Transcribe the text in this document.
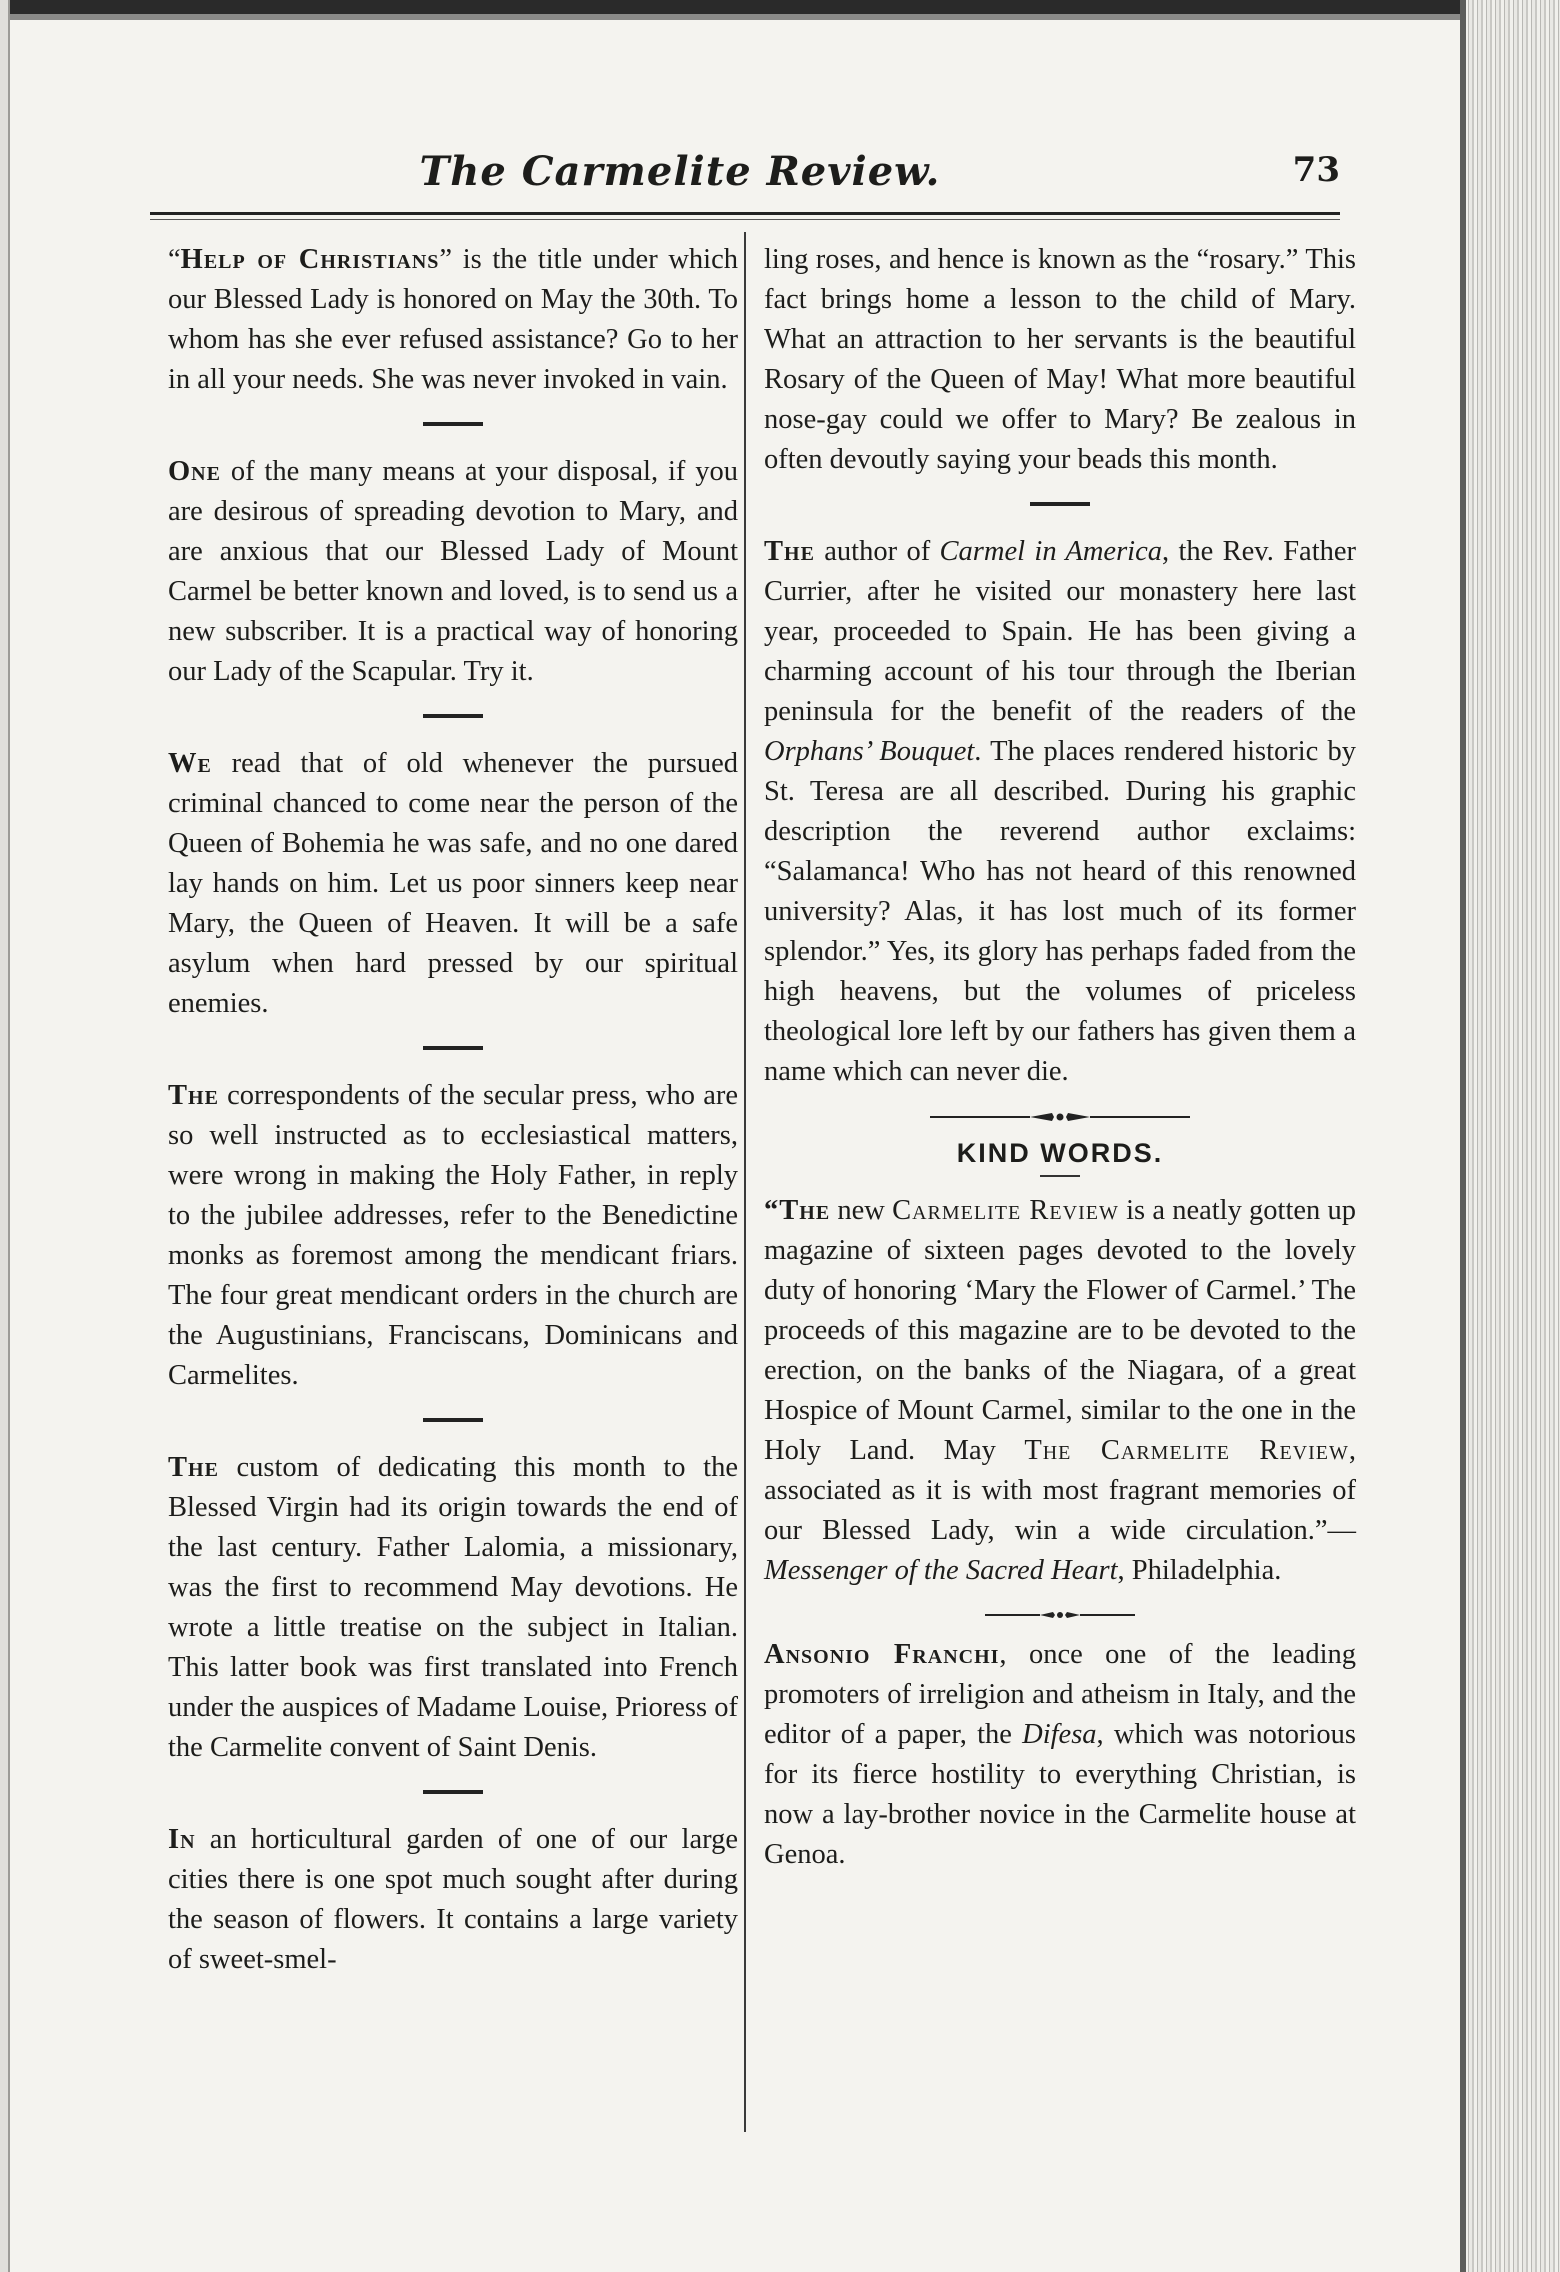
The Carmelite Review.	73

“Help of Christians” is the title under which our Blessed Lady is honored on May the 30th. To whom has she ever refused assistance? Go to her in all your needs. She was never invoked in vain.

One of the many means at your disposal, if you are desirous of spreading devotion to Mary, and are anxious that our Blessed Lady of Mount Carmel be better known and loved, is to send us a new subscriber. It is a practical way of honoring our Lady of the Scapular. Try it.

We read that of old whenever the pursued criminal chanced to come near the person of the Queen of Bohemia he was safe, and no one dared lay hands on him. Let us poor sinners keep near Mary, the Queen of Heaven. It will be a safe asylum when hard pressed by our spiritual enemies.

The correspondents of the secular press, who are so well instructed as to ecclesiastical matters, were wrong in making the Holy Father, in reply to the jubilee addresses, refer to the Benedictine monks as foremost among the mendicant friars. The four great mendicant orders in the church are the Augustinians, Franciscans, Dominicans and Carmelites.

The custom of dedicating this month to the Blessed Virgin had its origin towards the end of the last century. Father Lalomia, a missionary, was the first to recommend May devotions. He wrote a little treatise on the subject in Italian. This latter book was first translated into French under the auspices of Madame Louise, Prioress of the Carmelite convent of Saint Denis.

In an horticultural garden of one of our large cities there is one spot much sought after during the season of flowers. It contains a large variety of sweet-smel-

ling roses, and hence is known as the “rosary.” This fact brings home a lesson to the child of Mary. What an attraction to her servants is the beautiful Rosary of the Queen of May! What more beautiful nose-gay could we offer to Mary? Be zealous in often devoutly saying your beads this month.

The author of Carmel in America, the Rev. Father Currier, after he visited our monastery here last year, proceeded to Spain. He has been giving a charming account of his tour through the Iberian peninsula for the benefit of the readers of the Orphans’ Bouquet. The places rendered historic by St. Teresa are all described. During his graphic description the reverend author exclaims: “Salamanca! Who has not heard of this renowned university? Alas, it has lost much of its former splendor.” Yes, its glory has perhaps faded from the high heavens, but the volumes of priceless theological lore left by our fathers has given them a name which can never die.

KIND WORDS.

“The new Carmelite Review is a neatly gotten up magazine of sixteen pages devoted to the lovely duty of honoring ‘Mary the Flower of Carmel.’ The proceeds of this magazine are to be devoted to the erection, on the banks of the Niagara, of a great Hospice of Mount Carmel, similar to the one in the Holy Land. May The Carmelite Review, associated as it is with most fragrant memories of our Blessed Lady, win a wide circulation.”—Messenger of the Sacred Heart, Philadelphia.

Ansonio Franchi, once one of the leading promoters of irreligion and atheism in Italy, and the editor of a paper, the Difesa, which was notorious for its fierce hostility to everything Christian, is now a lay-brother novice in the Carmelite house at Genoa.
